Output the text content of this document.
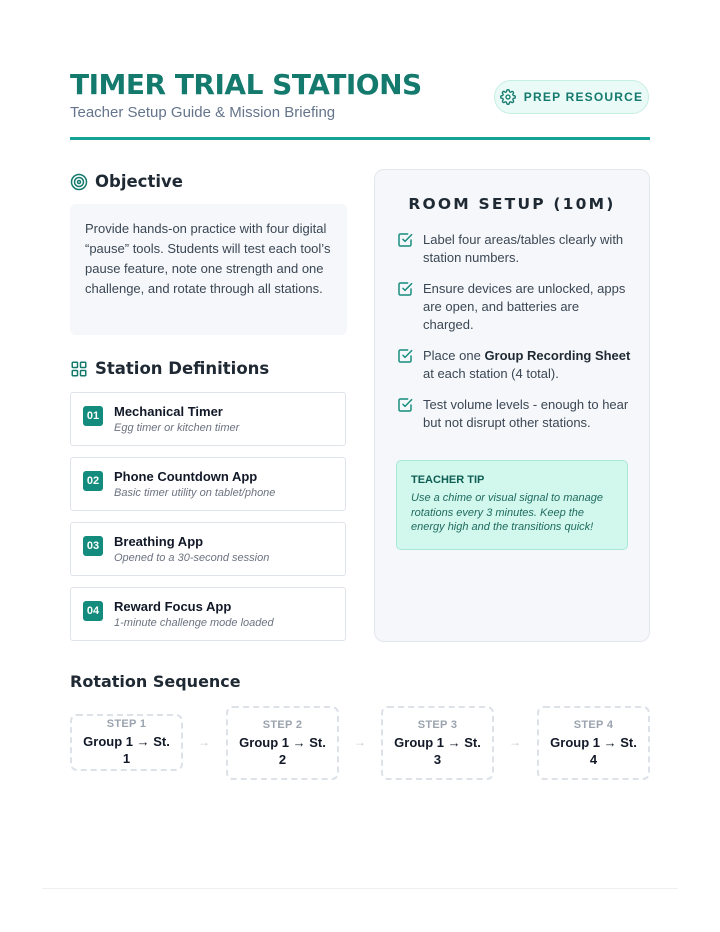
TIMER TRIAL STATIONS
Teacher Setup Guide & Mission Briefing
PREP RESOURCE
Objective
Provide hands-on practice with four digital “pause” tools. Students will test each tool’s pause feature, note one strength and one challenge, and rotate through all stations.
Station Definitions
01 Mechanical Timer
Egg timer or kitchen timer
02 Phone Countdown App
Basic timer utility on tablet/phone
03 Breathing App
Opened to a 30-second session
04 Reward Focus App
1-minute challenge mode loaded
ROOM SETUP (10M)
Label four areas/tables clearly with station numbers.
Ensure devices are unlocked, apps are open, and batteries are charged.
Place one Group Recording Sheet at each station (4 total).
Test volume levels - enough to hear but not disrupt other stations.
TEACHER TIP
Use a chime or visual signal to manage rotations every 3 minutes. Keep the energy high and the transitions quick!
Rotation Sequence
STEP 1
Group 1 → St. 1
→
STEP 2
Group 1 → St. 2
→
STEP 3
Group 1 → St. 3
→
STEP 4
Group 1 → St. 4
